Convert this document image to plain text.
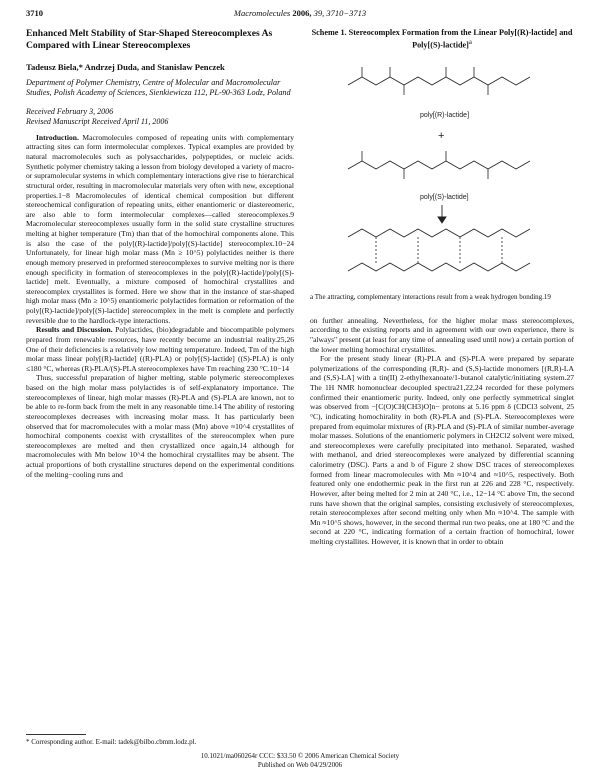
3710	Macromolecules 2006, 39, 3710−3713
Enhanced Melt Stability of Star-Shaped Stereocomplexes As Compared with Linear Stereocomplexes
Tadeusz Biela,* Andrzej Duda, and Stanislaw Penczek
Department of Polymer Chemistry, Centre of Molecular and Macromolecular Studies, Polish Academy of Sciences, Sienkiewicza 112, PL-90-363 Lodz, Poland
Received February 3, 2006
Revised Manuscript Received April 11, 2006

Introduction. Macromolecules composed of repeating units with complementary attracting sites can form intermolecular complexes. Typical examples are provided by natural macromolecules such as polysaccharides, polypeptides, or nucleic acids. Synthetic polymer chemistry taking a lesson from biology developed a variety of macro- or supramolecular systems in which complementary interactions give rise to hierarchical structural order, resulting in macromolecular materials very often with new, exceptional properties.1−8 Macromolecules of identical chemical composition but different stereochemical configuration of repeating units, either enantiomeric or diastereomeric, are also able to form intermolecular complexes—called stereocomplexes.9 Macromolecular stereocomplexes usually form in the solid state crystalline structures melting at higher temperature (Tm) than that of the homochiral components alone. This is also the case of the poly[(R)-lactide]/poly[(S)-lactide] stereocomplex.10−24 Unfortunately, for linear high molar mass (Mn ≥ 10^5) polylactides neither is there enough memory preserved in preformed stereocomplexes to survive melting nor is there enough specificity in formation of stereocomplexes in the poly[(R)-lactide]/poly[(S)-lactide] melt. Eventually, a mixture composed of homochiral crystallites and stereocomplex crystallites is formed. Here we show that in the instance of star-shaped high molar mass (Mn ≥ 10^5) enantiomeric polylactides formation or reformation of the poly[(R)-lactide]/poly[(S)-lactide] stereocomplex in the melt is complete and perfectly reversible due to the hardlock-type interactions.

Results and Discussion. Polylactides, (bio)degradable and biocompatible polymers prepared from renewable resources, have recently become an industrial reality.25,26 One of their deficiencies is a relatively low melting temperature. Indeed, Tm of the high molar mass linear poly[(R)-lactide] ((R)-PLA) or poly[(S)-lactide] ((S)-PLA) is only ≤180 °C, whereas (R)-PLA/(S)-PLA stereocomplexes have Tm reaching 230 °C.10−14

Thus, successful preparation of higher melting, stable polymeric stereocomplexes based on the high molar mass polylactides is of self-explanatory importance. The stereocomplexes of linear, high molar masses (R)-PLA and (S)-PLA are known, not to be able to re-form back from the melt in any reasonable time.14 The ability of restoring stereocomplexes decreases with increasing molar mass. It has particularly been observed that for macromolecules with a molar mass (Mn) above ≈10^4 crystallites of homochiral components coexist with crystallites of the stereocomplex when pure stereocomplexes are melted and then crystallized once again,14 although for macromolecules with Mn below 10^4 the homochiral crystallites may be absent. The actual proportions of both crystalline structures depend on the experimental conditions of the melting−cooling runs and

Scheme 1. Stereocomplex Formation from the Linear Poly[(R)-lactide] and Poly[(S)-lactide]$^a$
poly[(R)-lactide]
+
poly[(S)-lactide]
a The attracting, complementary interactions result from a weak hydrogen bonding.19

on further annealing. Nevertheless, for the higher molar mass stereocomplexes, according to the existing reports and in agreement with our own experience, there is "always" present (at least for any time of annealing used until now) a certain portion of the lower melting homochiral crystallites.

For the present study linear (R)-PLA and (S)-PLA were prepared by separate polymerizations of the corresponding (R,R)- and (S,S)-lactide monomers [(R,R)-LA and (S,S)-LA] with a tin(II) 2-ethylhexanoate/1-butanol catalytic/initiating system.27 The 1H NMR homonuclear decoupled spectra21,22,24 recorded for these polymers confirmed their enantiomeric purity. Indeed, only one perfectly symmetrical singlet was observed from −[C(O)CH(CH3)O]n− protons at 5.16 ppm δ (CDCl3 solvent, 25 °C), indicating homochirality in both (R)-PLA and (S)-PLA. Stereocomplexes were prepared from equimolar mixtures of (R)-PLA and (S)-PLA of similar number-average molar masses. Solutions of the enantiomeric polymers in CH2Cl2 solvent were mixed, and stereocomplexes were carefully precipitated into methanol. Separated, washed with methanol, and dried stereocomplexes were analyzed by differential scanning calorimetry (DSC). Parts a and b of Figure 2 show DSC traces of stereocomplexes formed from linear macromolecules with Mn ≈10^4 and ≈10^5, respectively. Both featured only one endothermic peak in the first run at 226 and 228 °C, respectively. However, after being melted for 2 min at 240 °C, i.e., 12−14 °C above Tm, the second runs have shown that the original samples, consisting exclusively of stereocomplexes, retain stereocomplexes after second melting only when Mn ≈10^4. The sample with Mn ≈10^5 shows, however, in the second thermal run two peaks, one at 180 °C and the second at 220 °C, indicating formation of a certain fraction of homochiral, lower melting crystallites. However, it is known that in order to obtain

* Corresponding author. E-mail: tadek@bilbo.cbmm.lodz.pl.
10.1021/ma060264r CCC: $33.50 © 2006 American Chemical Society
Published on Web 04/29/2006
